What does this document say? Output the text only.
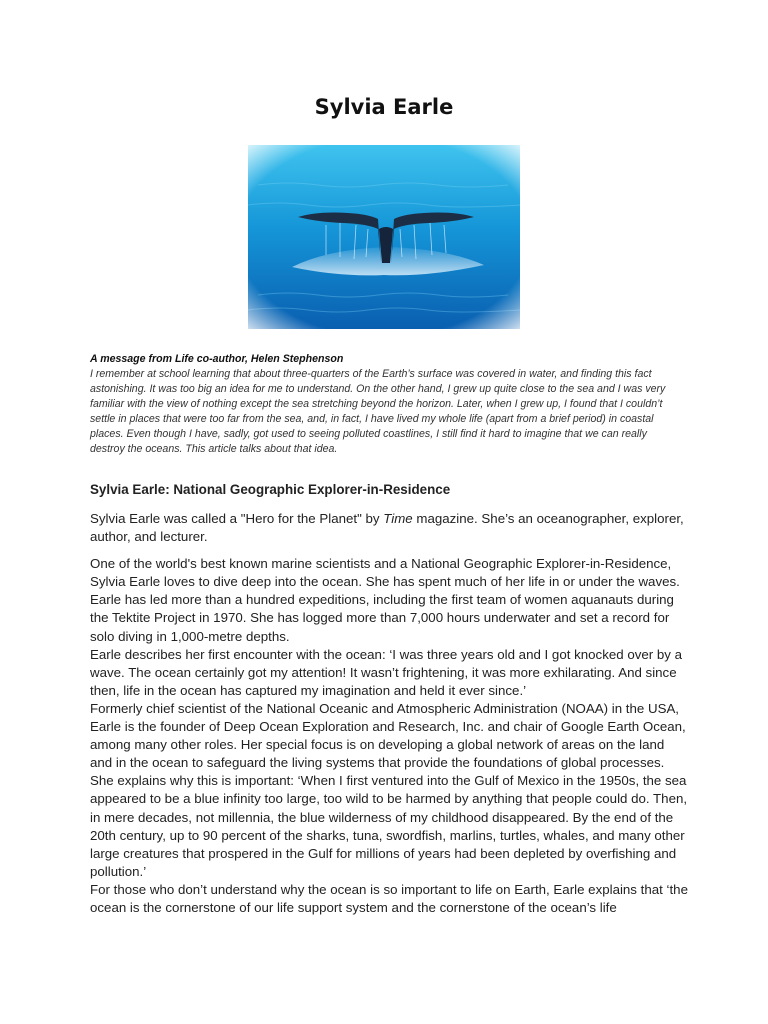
Sylvia Earle
A message from Life co-author, Helen Stephenson
I remember at school learning that about three-quarters of the Earth’s surface was covered in water, and finding this fact astonishing. It was too big an idea for me to understand. On the other hand, I grew up quite close to the sea and I was very familiar with the view of nothing except the sea stretching beyond the horizon. Later, when I grew up, I found that I couldn’t settle in places that were too far from the sea, and, in fact, I have lived my whole life (apart from a brief period) in coastal places. Even though I have, sadly, got used to seeing polluted coastlines, I still find it hard to imagine that we can really destroy the oceans. This article talks about that idea.
Sylvia Earle: National Geographic Explorer-in-Residence

Sylvia Earle was called a "Hero for the Planet" by Time magazine. She’s an oceanographer, explorer, author, and lecturer.

One of the world's best known marine scientists and a National Geographic Explorer-in-Residence, Sylvia Earle loves to dive deep into the ocean. She has spent much of her life in or under the waves. Earle has led more than a hundred expeditions, including the first team of women aquanauts during the Tektite Project in 1970. She has logged more than 7,000 hours underwater and set a record for solo diving in 1,000-metre depths.

Earle describes her first encounter with the ocean: ‘I was three years old and I got knocked over by a wave. The ocean certainly got my attention! It wasn’t frightening, it was more exhilarating. And since then, life in the ocean has captured my imagination and held it ever since.’

Formerly chief scientist of the National Oceanic and Atmospheric Administration (NOAA) in the USA, Earle is the founder of Deep Ocean Exploration and Research, Inc. and chair of Google Earth Ocean, among many other roles. Her special focus is on developing a global network of areas on the land and in the ocean to safeguard the living systems that provide the foundations of global processes. She explains why this is important: ‘When I first ventured into the Gulf of Mexico in the 1950s, the sea appeared to be a blue infinity too large, too wild to be harmed by anything that people could do. Then, in mere decades, not millennia, the blue wilderness of my childhood disappeared. By the end of the 20th century, up to 90 percent of the sharks, tuna, swordfish, marlins, turtles, whales, and many other large creatures that prospered in the Gulf for millions of years had been depleted by overfishing and pollution.’

For those who don’t understand why the ocean is so important to life on Earth, Earle explains that ‘the ocean is the cornerstone of our life support system and the cornerstone of the ocean’s life
